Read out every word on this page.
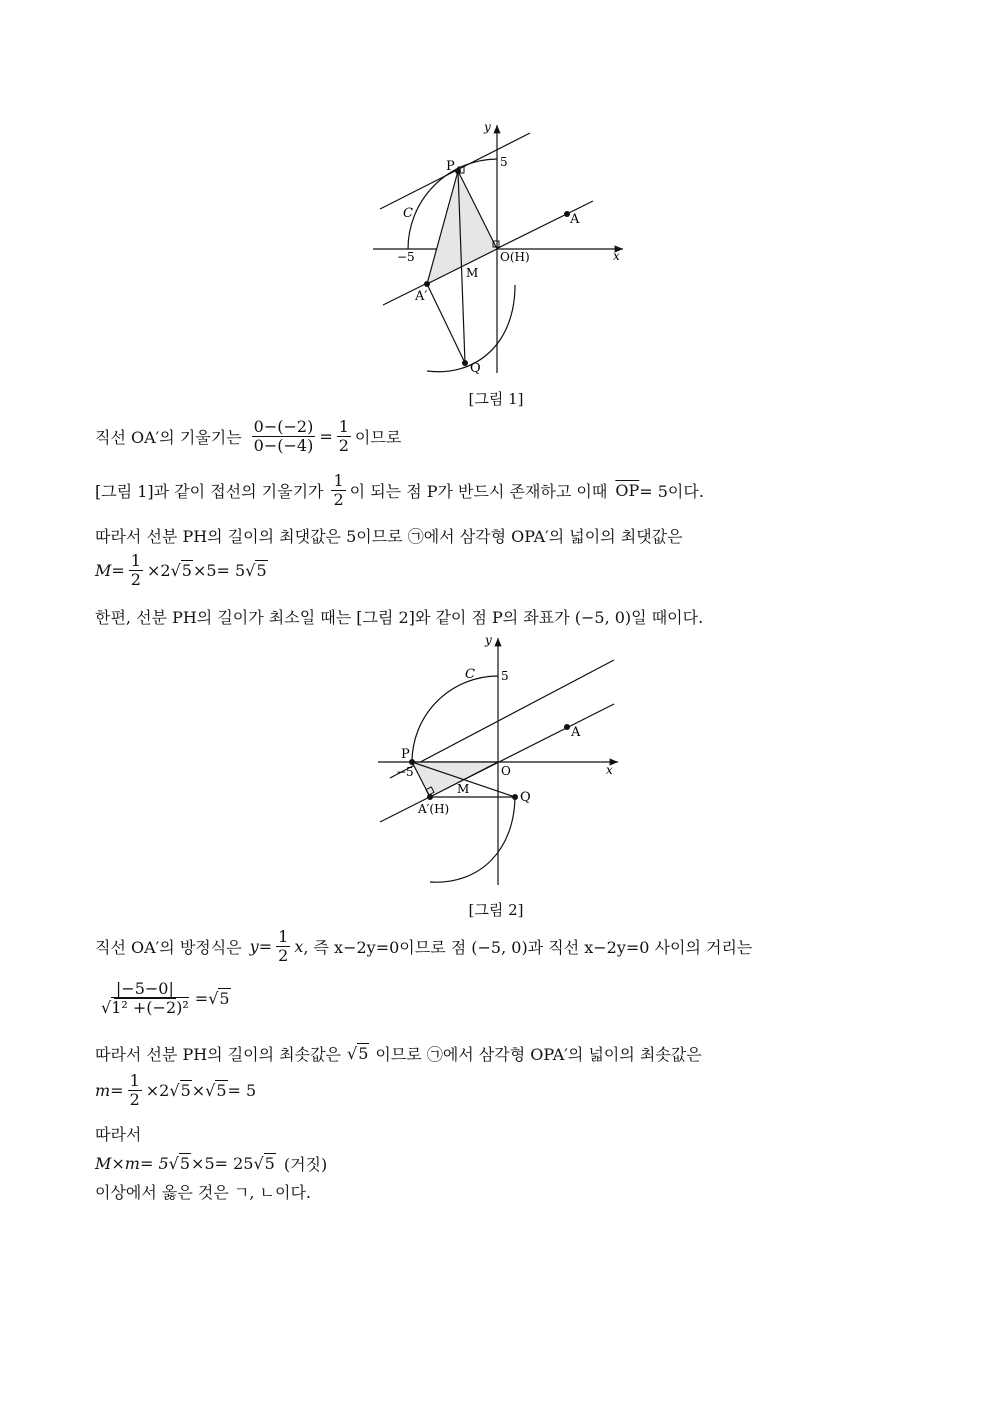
y
x
P	5
C	A
−5	O(H)
M
A′
Q
[그림 1]
직선 OA′의 기울기는 $\frac{0-(-2)}{0-(-4)} = \frac{1}{2}$ 이므로
[그림 1]과 같이 접선의 기울기가 $\frac{1}{2}$ 이 되는 점 P가 반드시 존재하고 이때 $\overline{OP} = 5$이다.
따라서 선분 PH의 길이의 최댓값은 5이므로 ㉠에서 삼각형 OPA′의 넓이의 최댓값은
$M = \frac{1}{2} \times 2$ √5 ×5= 5 √5
한편, 선분 PH의 길이가 최소일 때는 [그림 2]와 같이 점 P의 좌표가 (−5, 0)일 때이다.
y
x
C 5
A
P
−5	O
M
A′(H)
Q
[그림 2]
직선 OA′의 방정식은 $y = \frac{1}{2}$ x , 즉 x−2y=0이므로 점 (−5, 0)과 직선 x−2y=0 사이의 거리는
$\frac{|-5-0|}{\text{√1² +(−2)²}} = √5$
따라서 선분 PH의 길이의 최솟값은 √5 이므로 ㉠에서 삼각형 OPA′의 넓이의 최솟값은
$m = \frac{1}{2} \times 2$ √5 × √5 = 5
따라서
M×m= 5 √5 ×5= 25 √5 (거짓)
이상에서 옳은 것은 ㄱ, ㄴ이다.
